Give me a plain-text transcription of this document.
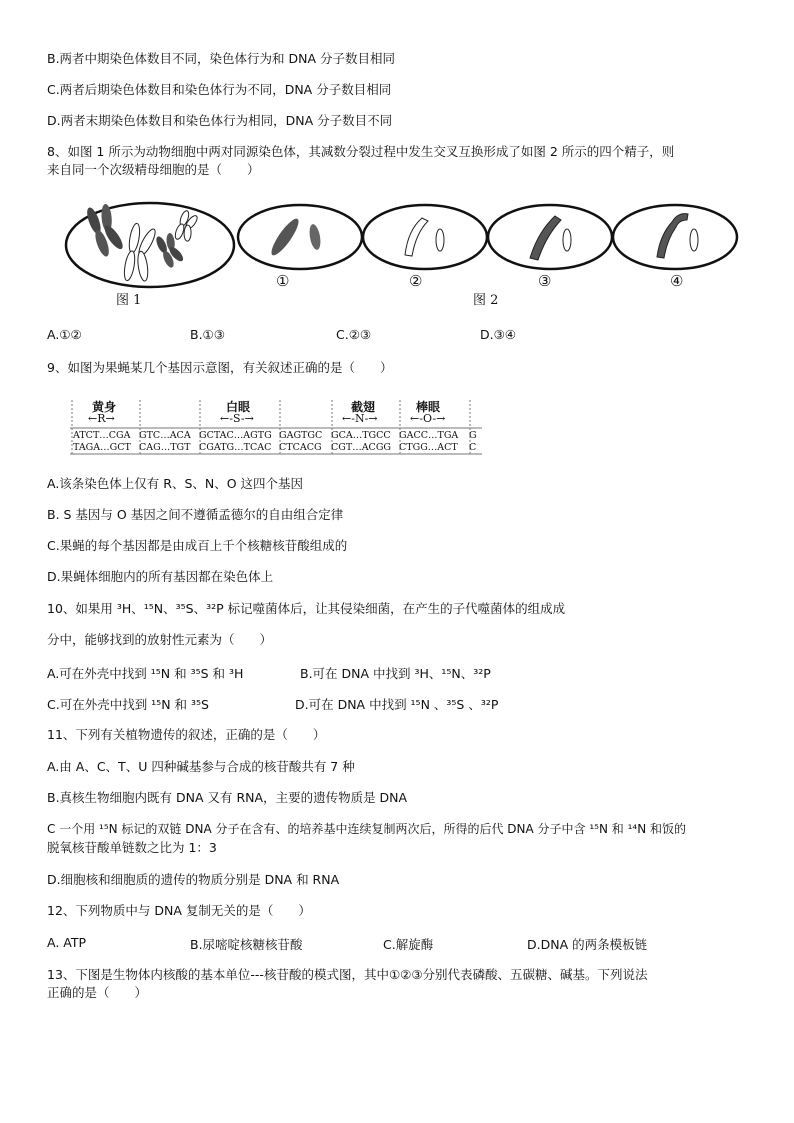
B.两者中期染色体数目不同，染色体行为和 DNA 分子数目相同
C.两者后期染色体数目和染色体行为不同，DNA 分子数目相同
D.两者末期染色体数目和染色体行为相同，DNA 分子数目不同
8、如图 1 所示为动物细胞中两对同源染色体，其减数分裂过程中发生交叉互换形成了如图 2 所示的四个精子，则
来自同一个次级精母细胞的是（　　）
①	②	③	④
图 1	图 2
A.①②	B.①③	C.②③	D.③④
9、如图为果蝇某几个基因示意图，有关叙述正确的是（　　）
黄身
←R→
白眼
←-S-→
截翅
←-N-→
棒眼
←-O-→
ATCT…CGA GTC…ACA GCTAC…AGTG GAGTGC GCA…TGCC GACC…TGA G
TAGA…GCT CAG…TGT CGATG…TCAC CTCACG CGT…ACGG CTGG…ACT C
A.该条染色体上仅有 R、S、N、O 这四个基因
B. S 基因与 O 基因之间不遵循孟德尔的自由组合定律
C.果蝇的每个基因都是由成百上千个核糖核苷酸组成的
D.果蝇体细胞内的所有基因都在染色体上
10、如果用 ³H、¹⁵N、³⁵S、³²P 标记噬菌体后，让其侵染细菌，在产生的子代噬菌体的组成成
分中，能够找到的放射性元素为（　　）
A.可在外壳中找到 ¹⁵N 和 ³⁵S 和 ³H	B.可在 DNA 中找到 ³H、¹⁵N、³²P
C.可在外壳中找到 ¹⁵N 和 ³⁵S	D.可在 DNA 中找到 ¹⁵N 、³⁵S 、³²P
11、下列有关植物遗传的叙述，正确的是（　　）
A.由 A、C、T、U 四种碱基参与合成的核苷酸共有 7 种
B.真核生物细胞内既有 DNA 又有 RNA，主要的遗传物质是 DNA
C 一个用 ¹⁵N 标记的双链 DNA 分子在含有、的培养基中连续复制两次后，所得的后代 DNA 分子中含 ¹⁵N 和 ¹⁴N 和饭的
脱氧核苷酸单链数之比为 1：3
D.细胞核和细胞质的遗传的物质分别是 DNA 和 RNA
12、下列物质中与 DNA 复制无关的是（　　）
A. ATP	B.尿嘧啶核糖核苷酸	C.解旋酶	D.DNA 的两条模板链
13、下图是生物体内核酸的基本单位---核苷酸的模式图，其中①②③分别代表磷酸、五碳糖、碱基。下列说法
正确的是（　　）
